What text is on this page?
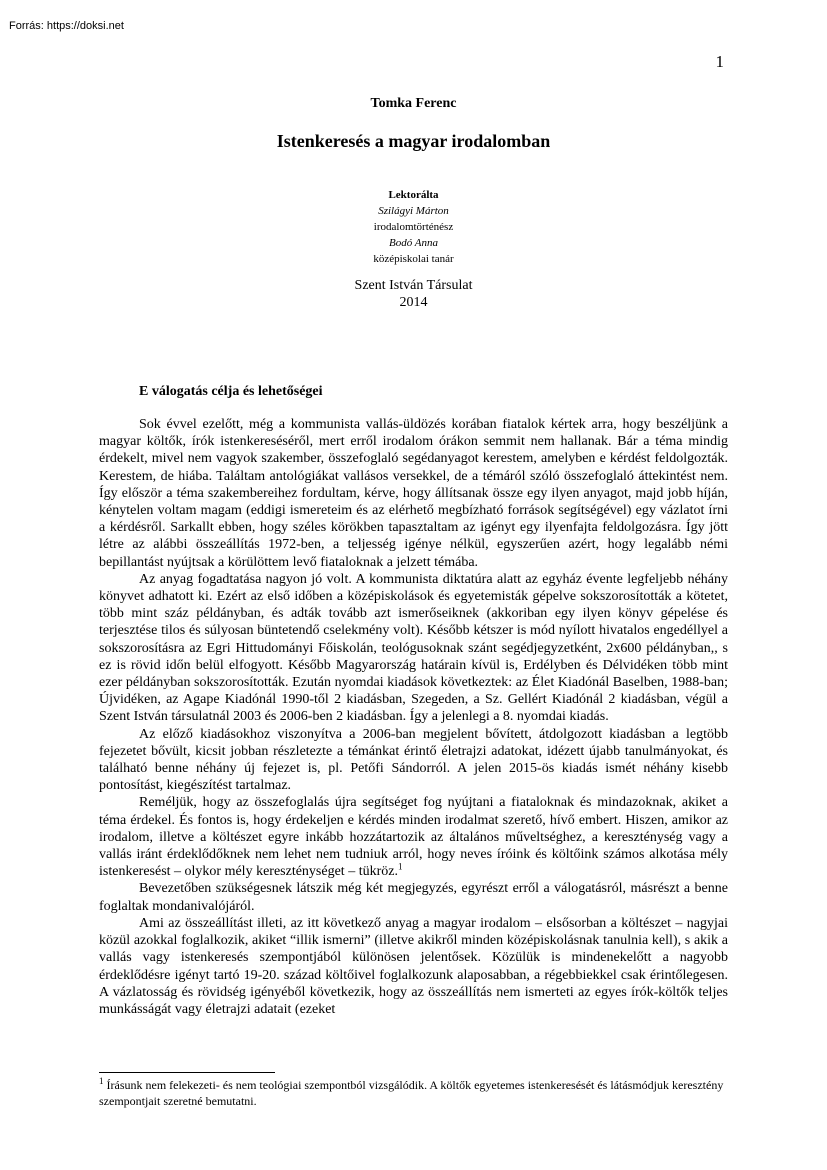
Forrás: https://doksi.net
1
Tomka Ferenc
Istenkeresés a magyar irodalomban
Lektorálta
Szilágyi Márton
irodalomtörténész
Bodó Anna
középiskolai tanár
Szent István Társulat
2014
E válogatás célja és lehetőségei

Sok évvel ezelőtt, még a kommunista vallás-üldözés korában fiatalok kértek arra, hogy beszéljünk a magyar költők, írók istenkereséséről, mert erről irodalom órákon semmit nem hallanak. Bár a téma mindig érdekelt, mivel nem vagyok szakember, összefoglaló segédanyagot kerestem, amelyben e kérdést feldolgozták. Kerestem, de hiába. Találtam antológiákat vallásos versekkel, de a témáról szóló összefoglaló áttekintést nem. Így először a téma szakembereihez fordultam, kérve, hogy állítsanak össze egy ilyen anyagot, majd jobb híján, kénytelen voltam magam (eddigi ismereteim és az elérhető megbízható források segítségével) egy vázlatot írni a kérdésről. Sarkallt ebben, hogy széles körökben tapasztaltam az igényt egy ilyenfajta feldolgozásra. Így jött létre az alábbi összeállítás 1972-ben, a teljesség igénye nélkül, egyszerűen azért, hogy legalább némi bepillantást nyújtsak a körülöttem levő fiataloknak a jelzett témába.

Az anyag fogadtatása nagyon jó volt. A kommunista diktatúra alatt az egyház évente legfeljebb néhány könyvet adhatott ki. Ezért az első időben a középiskolások és egyetemisták gépelve sokszorosították a kötetet, több mint száz példányban, és adták tovább azt ismerőseiknek (akkoriban egy ilyen könyv gépelése és terjesztése tilos és súlyosan büntetendő cselekmény volt). Később kétszer is mód nyílott hivatalos engedéllyel a sokszorosításra az Egri Hittudományi Főiskolán, teológusoknak szánt segédjegyzetként, 2x600 példányban,, s ez is rövid időn belül elfogyott. Később Magyarország határain kívül is, Erdélyben és Délvidéken több mint ezer példányban sokszorosították. Ezután nyomdai kiadások következtek: az Élet Kiadónál Baselben, 1988-ban; Újvidéken, az Agape Kiadónál 1990-től 2 kiadásban, Szegeden, a Sz. Gellért Kiadónál 2 kiadásban, végül a Szent István társulatnál 2003 és 2006-ben 2 kiadásban. Így a jelenlegi a 8. nyomdai kiadás.

Az előző kiadásokhoz viszonyítva a 2006-ban megjelent bővített, átdolgozott kiadásban a legtöbb fejezetet bővült, kicsit jobban részletezte a témánkat érintő életrajzi adatokat, idézett újabb tanulmányokat, és található benne néhány új fejezet is, pl. Petőfi Sándorról. A jelen 2015-ös kiadás ismét néhány kisebb pontosítást, kiegészítést tartalmaz.

Reméljük, hogy az összefoglalás újra segítséget fog nyújtani a fiataloknak és mindazoknak, akiket a téma érdekel. És fontos is, hogy érdekeljen e kérdés minden irodalmat szerető, hívő embert. Hiszen, amikor az irodalom, illetve a költészet egyre inkább hozzátartozik az általános műveltséghez, a kereszténység vagy a vallás iránt érdeklődőknek nem lehet nem tudniuk arról, hogy neves íróink és költőink számos alkotása mély istenkeresést – olykor mély kereszténységet – tükröz.$^1$

Bevezetőben szükségesnek látszik még két megjegyzés, egyrészt erről a válogatásról, másrészt a benne foglaltak mondanivalójáról.

Ami az összeállítást illeti, az itt következő anyag a magyar irodalom – elsősorban a költészet – nagyjai közül azokkal foglalkozik, akiket “illik ismerni” (illetve akikről minden középiskolásnak tanulnia kell), s akik a vallás vagy istenkeresés szempontjából különösen jelentősek. Közülük is mindenekelőtt a nagyobb érdeklődésre igényt tartó 19-20. század költőivel foglalkozunk alaposabban, a régebbiekkel csak érintőlegesen. A vázlatosság és rövidség igényéből következik, hogy az összeállítás nem ismerteti az egyes írók-költők teljes munkásságát vagy életrajzi adatait (ezeket

$^1$ Írásunk nem felekezeti- és nem teológiai szempontból vizsgálódik. A költők egyetemes istenkeresését és látásmódjuk keresztény szempontjait szeretné bemutatni.
